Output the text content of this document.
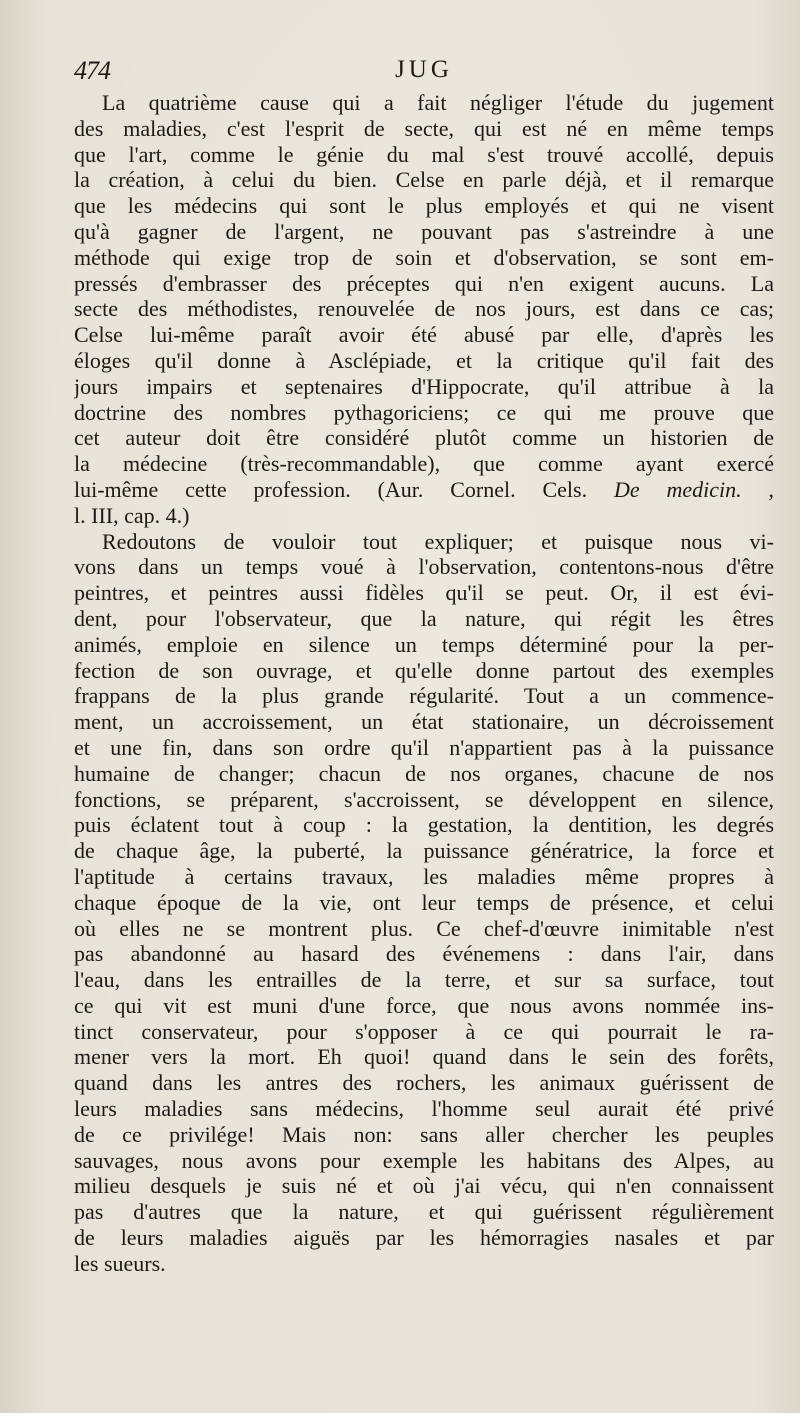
474	JUG
La quatrième cause qui a fait négliger l'étude du jugement
des maladies, c'est l'esprit de secte, qui est né en même temps
que l'art, comme le génie du mal s'est trouvé accollé, depuis
la création, à celui du bien. Celse en parle déjà, et il remarque
que les médecins qui sont le plus employés et qui ne visent
qu'à gagner de l'argent, ne pouvant pas s'astreindre à une
méthode qui exige trop de soin et d'observation, se sont em-
pressés d'embrasser des préceptes qui n'en exigent aucuns. La
secte des méthodistes, renouvelée de nos jours, est dans ce cas;
Celse lui-même paraît avoir été abusé par elle, d'après les
éloges qu'il donne à Asclépiade, et la critique qu'il fait des
jours impairs et septenaires d'Hippocrate, qu'il attribue à la
doctrine des nombres pythagoriciens; ce qui me prouve que
cet auteur doit être considéré plutôt comme un historien de
la médecine (très-recommandable), que comme ayant exercé
lui-même cette profession. (Aur. Cornel. Cels. De medicin. ,
l. III, cap. 4.)
Redoutons de vouloir tout expliquer; et puisque nous vi-
vons dans un temps voué à l'observation, contentons-nous d'être
peintres, et peintres aussi fidèles qu'il se peut. Or, il est évi-
dent, pour l'observateur, que la nature, qui régit les êtres
animés, emploie en silence un temps déterminé pour la per-
fection de son ouvrage, et qu'elle donne partout des exemples
frappans de la plus grande régularité. Tout a un commence-
ment, un accroissement, un état stationaire, un décroissement
et une fin, dans son ordre qu'il n'appartient pas à la puissance
humaine de changer; chacun de nos organes, chacune de nos
fonctions, se préparent, s'accroissent, se développent en silence,
puis éclatent tout à coup : la gestation, la dentition, les degrés
de chaque âge, la puberté, la puissance génératrice, la force et
l'aptitude à certains travaux, les maladies même propres à
chaque époque de la vie, ont leur temps de présence, et celui
où elles ne se montrent plus. Ce chef-d'œuvre inimitable n'est
pas abandonné au hasard des événemens : dans l'air, dans
l'eau, dans les entrailles de la terre, et sur sa surface, tout
ce qui vit est muni d'une force, que nous avons nommée ins-
tinct conservateur, pour s'opposer à ce qui pourrait le ra-
mener vers la mort. Eh quoi! quand dans le sein des forêts,
quand dans les antres des rochers, les animaux guérissent de
leurs maladies sans médecins, l'homme seul aurait été privé
de ce privilége! Mais non: sans aller chercher les peuples
sauvages, nous avons pour exemple les habitans des Alpes, au
milieu desquels je suis né et où j'ai vécu, qui n'en connaissent
pas d'autres que la nature, et qui guérissent régulièrement
de leurs maladies aiguës par les hémorragies nasales et par
les sueurs.
